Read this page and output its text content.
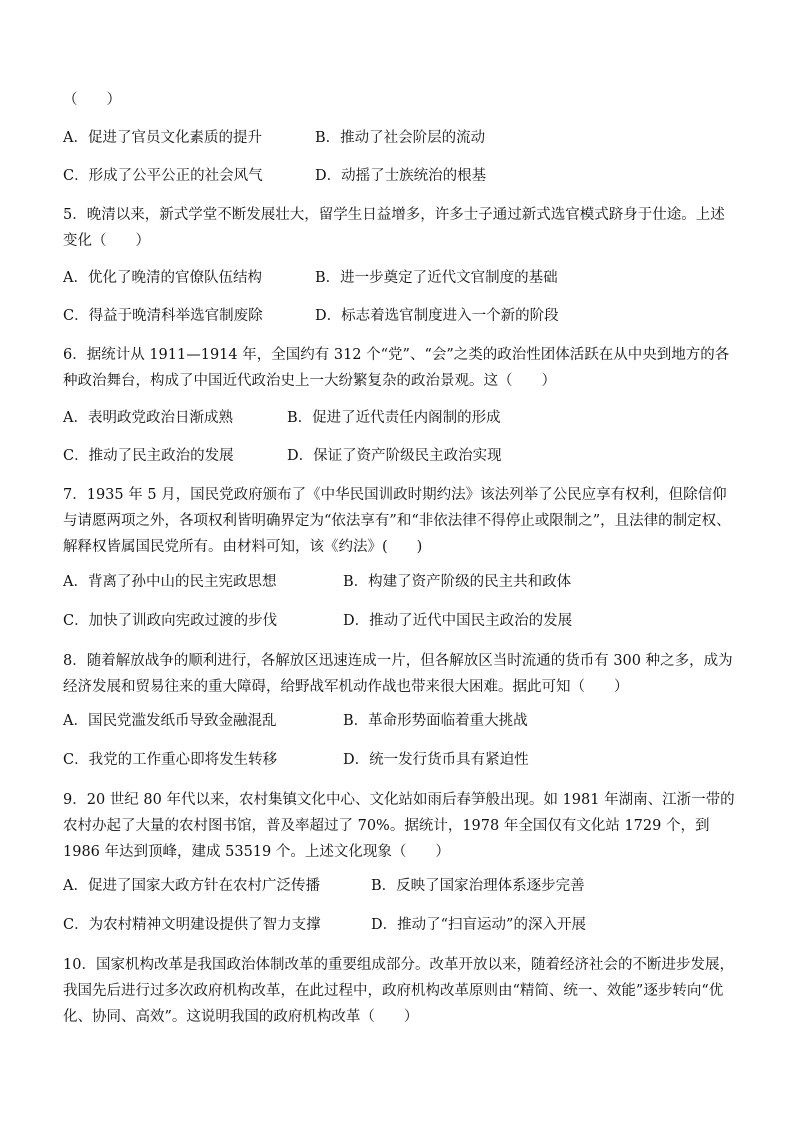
（　　）
A．促进了官员文化素质的提升	B．推动了社会阶层的流动
C．形成了公平公正的社会风气	D．动摇了士族统治的根基
5．晚清以来，新式学堂不断发展壮大，留学生日益增多，许多士子通过新式选官模式跻身于仕途。上述变化（　　）
A．优化了晚清的官僚队伍结构	B．进一步奠定了近代文官制度的基础
C．得益于晚清科举选官制废除	D．标志着选官制度进入一个新的阶段
6．据统计从 1911—1914 年，全国约有 312 个“党”、“会”之类的政治性团体活跃在从中央到地方的各种政治舞台，构成了中国近代政治史上一大纷繁复杂的政治景观。这（　　）
A．表明政党政治日渐成熟	B．促进了近代责任内阁制的形成
C．推动了民主政治的发展	D．保证了资产阶级民主政治实现
7．1935 年 5 月，国民党政府颁布了《中华民国训政时期约法》该法列举了公民应享有权利，但除信仰与请愿两项之外，各项权利皆明确界定为“依法享有”和“非依法律不得停止或限制之”，且法律的制定权、解释权皆属国民党所有。由材料可知，该《约法》(　　)
A．背离了孙中山的民主宪政思想	B．构建了资产阶级的民主共和政体
C．加快了训政向宪政过渡的步伐	D．推动了近代中国民主政治的发展
8．随着解放战争的顺利进行，各解放区迅速连成一片，但各解放区当时流通的货币有 300 种之多，成为经济发展和贸易往来的重大障碍，给野战军机动作战也带来很大困难。据此可知（　　）
A．国民党滥发纸币导致金融混乱	B．革命形势面临着重大挑战
C．我党的工作重心即将发生转移	D．统一发行货币具有紧迫性
9．20 世纪 80 年代以来，农村集镇文化中心、文化站如雨后春笋般出现。如 1981 年湖南、江浙一带的农村办起了大量的农村图书馆，普及率超过了 70%。据统计，1978 年全国仅有文化站 1729 个，到 1986 年达到顶峰，建成 53519 个。上述文化现象（　　）
A．促进了国家大政方针在农村广泛传播	B．反映了国家治理体系逐步完善
C．为农村精神文明建设提供了智力支撑	D．推动了“扫盲运动”的深入开展
10．国家机构改革是我国政治体制改革的重要组成部分。改革开放以来，随着经济社会的不断进步发展，我国先后进行过多次政府机构改革，在此过程中，政府机构改革原则由“精简、统一、效能”逐步转向“优化、协同、高效”。这说明我国的政府机构改革（　　）
